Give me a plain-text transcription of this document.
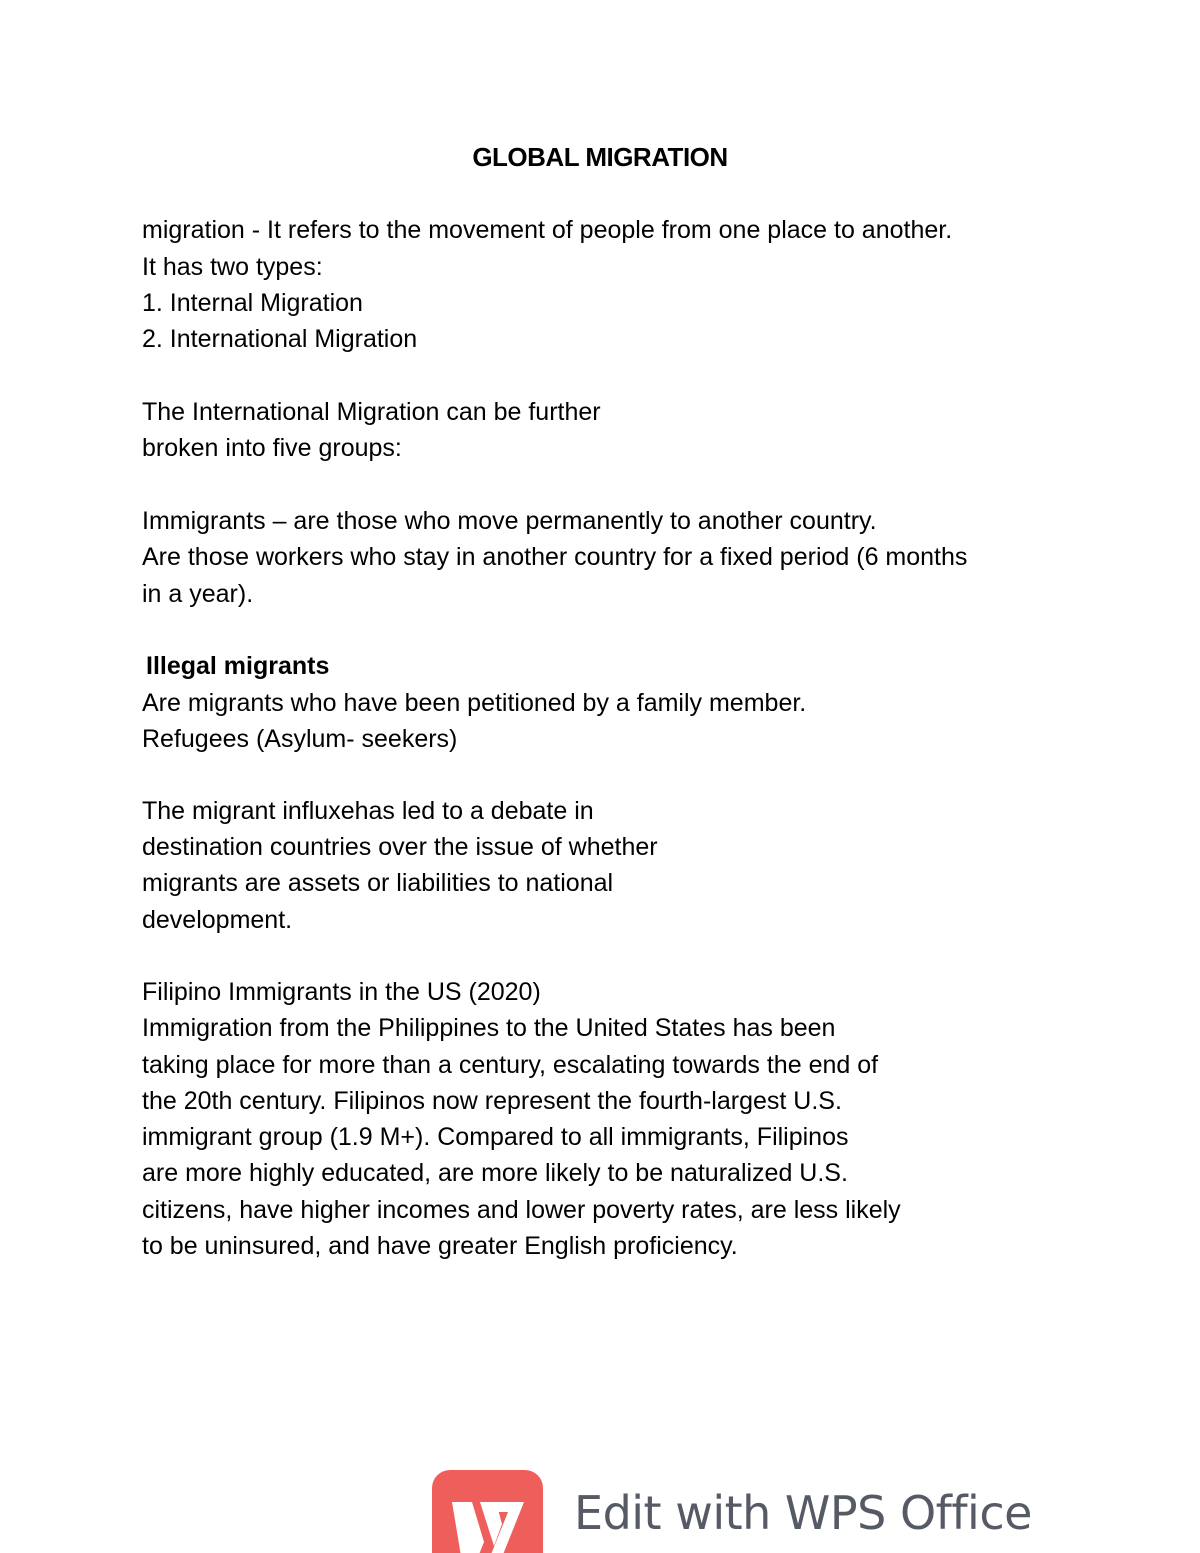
GLOBAL MIGRATION
migration - It refers to the movement of people from one place to another.
It has two types:
1. Internal Migration
2. International Migration
The International Migration can be further
broken into five groups:
Immigrants – are those who move permanently to another country.
Are those workers who stay in another country for a fixed period (6 months
in a year).
Illegal migrants
Are migrants who have been petitioned by a family member.
Refugees (Asylum- seekers)
The migrant influxehas led to a debate in
destination countries over the issue of whether
migrants are assets or liabilities to national
development.
Filipino Immigrants in the US (2020)
Immigration from the Philippines to the United States has been
taking place for more than a century, escalating towards the end of
the 20th century. Filipinos now represent the fourth-largest U.S.
immigrant group (1.9 M+). Compared to all immigrants, Filipinos
are more highly educated, are more likely to be naturalized U.S.
citizens, have higher incomes and lower poverty rates, are less likely
to be uninsured, and have greater English proficiency.
Edit with WPS Office
